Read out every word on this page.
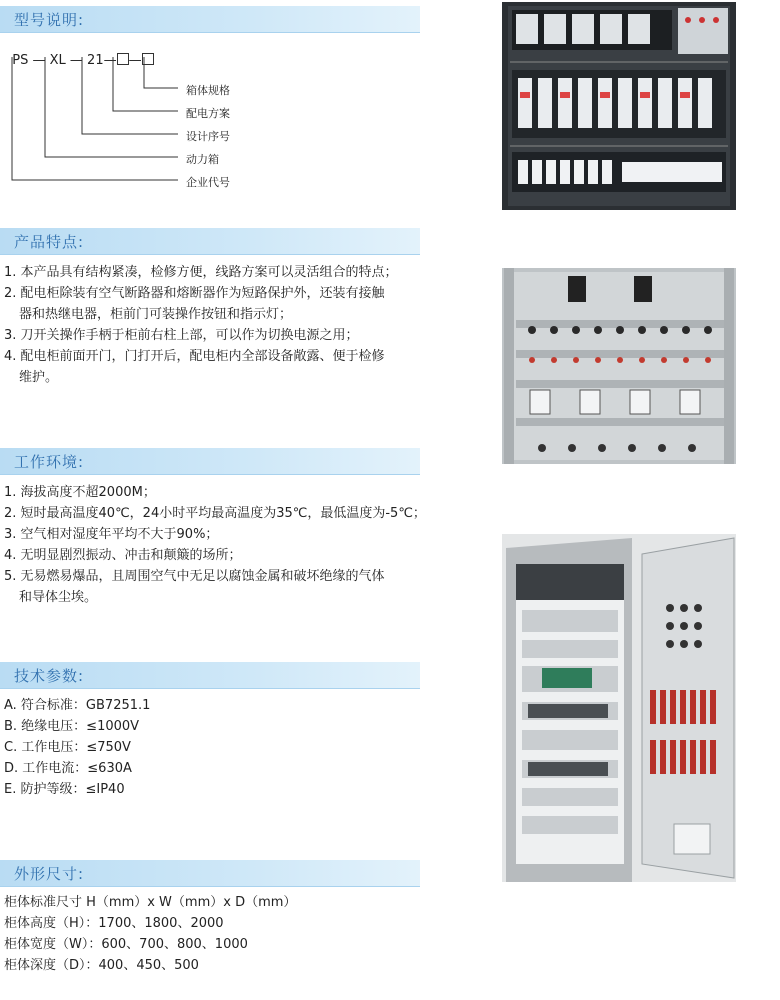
型号说明:

PS — XL — 21— —

箱体规格
配电方案
设计序号
动力箱
企业代号
产品特点:
1. 本产品具有结构紧凑，检修方便，线路方案可以灵活组合的特点；
2. 配电柜除装有空气断路器和熔断器作为短路保护外，还装有接触
器和热继电器，柜前门可装操作按钮和指示灯；
3. 刀开关操作手柄于柜前右柱上部，可以作为切换电源之用；
4. 配电柜前面开门，门打开后，配电柜内全部设备敞露、便于检修
维护。
工作环境:
1. 海拔高度不超2000M；
2. 短时最高温度40℃，24小时平均最高温度为35℃，最低温度为-5℃；
3. 空气相对湿度年平均不大于90%；
4. 无明显剧烈振动、冲击和颠簸的场所；
5. 无易燃易爆品，且周围空气中无足以腐蚀金属和破坏绝缘的气体
和导体尘埃。
技术参数:
A. 符合标准：GB7251.1
B. 绝缘电压：≤1000V
C. 工作电压：≤750V
D. 工作电流：≤630A
E. 防护等级：≤IP40
外形尺寸:
柜体标准尺寸 H（mm）x W（mm）x D（mm）
柜体高度（H）：1700、1800、2000
柜体宽度（W）：600、700、800、1000
柜体深度（D）：400、450、500
